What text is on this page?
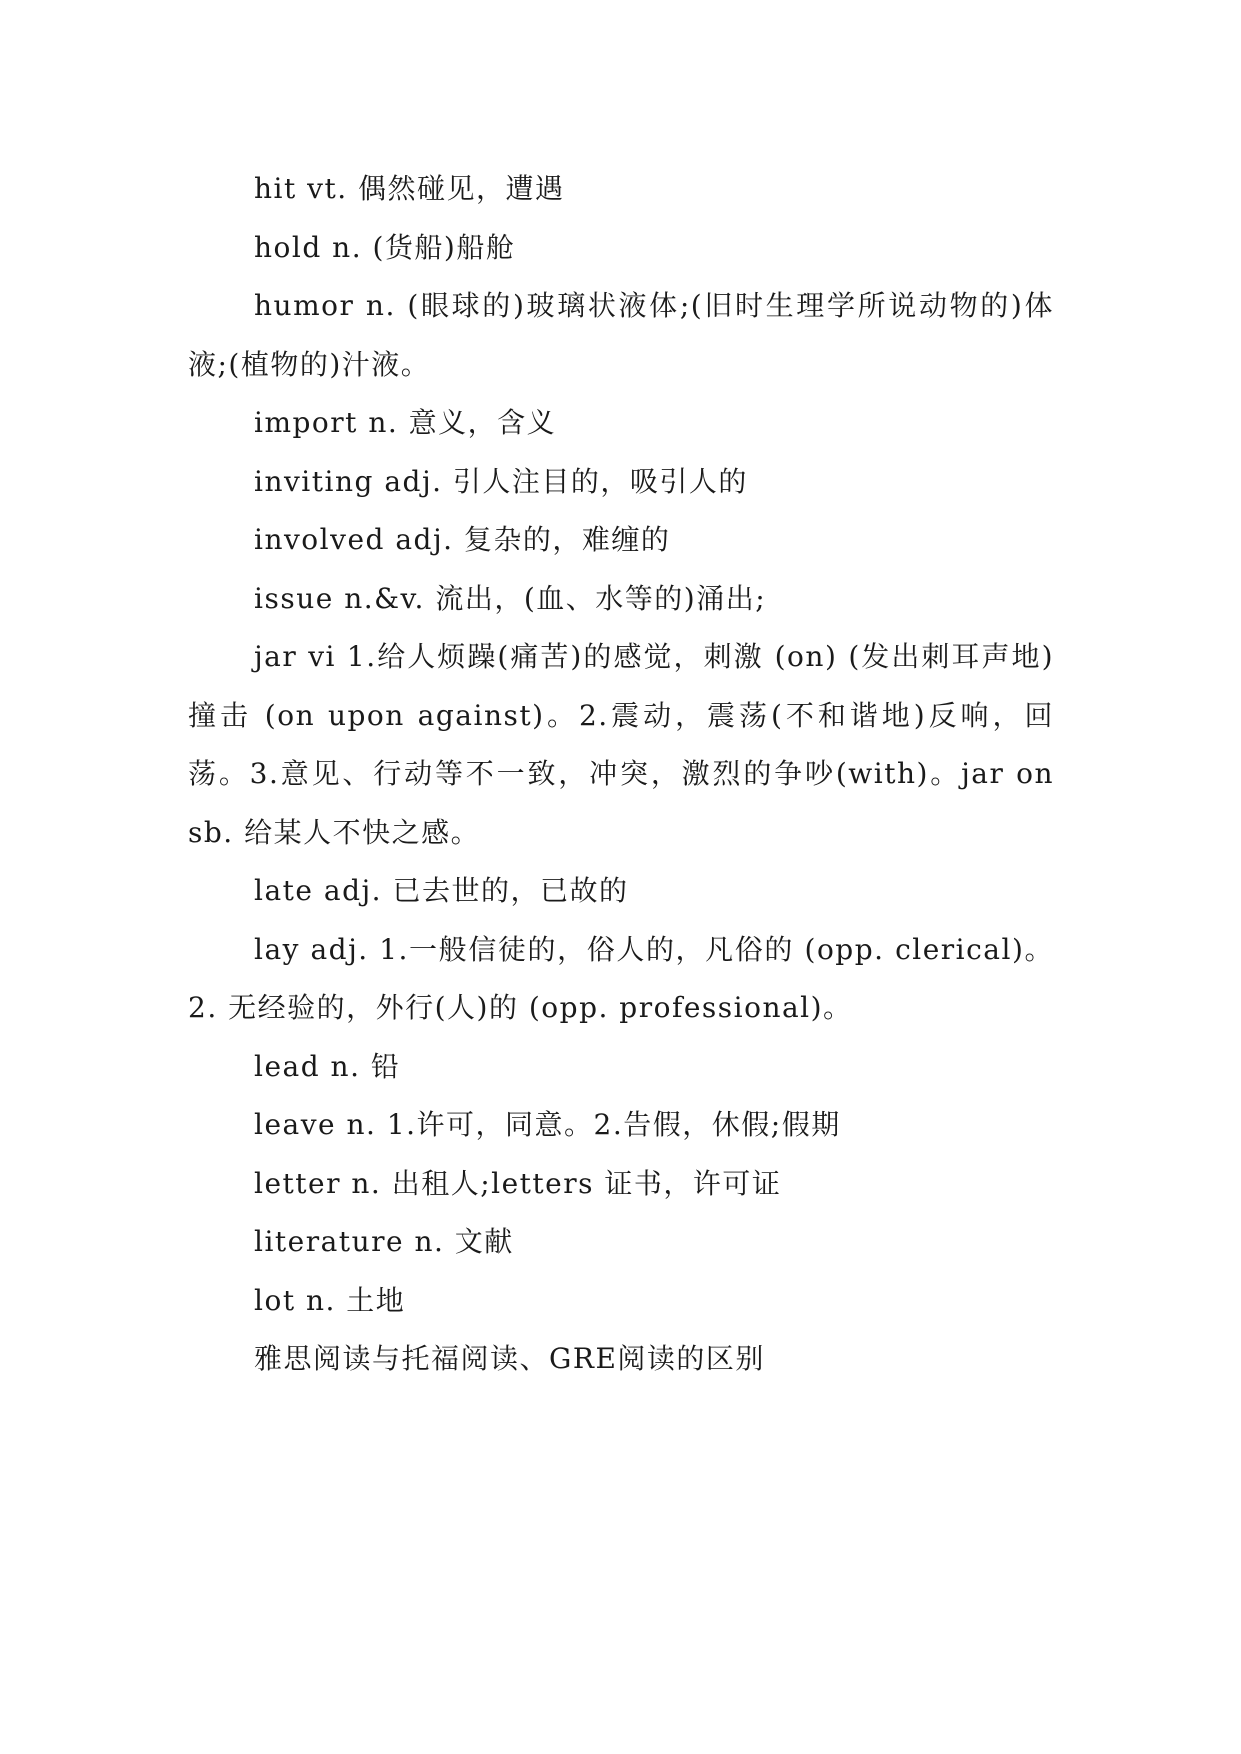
hit vt. 偶然碰见，遭遇

hold n. (货船)船舱

humor n. (眼球的)玻璃状液体;(旧时生理学所说动物的)体液;(植物的)汁液。

import n. 意义，含义

inviting adj. 引人注目的，吸引人的

involved adj. 复杂的，难缠的

issue n.&v. 流出，(血、水等的)涌出;

jar vi 1.给人烦躁(痛苦)的感觉，刺激 (on) (发出刺耳声地)撞击 (on upon against)。2.震动，震荡(不和谐地)反响，回荡。3.意见、行动等不一致，冲突，激烈的争吵(with)。jar on sb. 给某人不快之感。

late adj. 已去世的，已故的

lay adj. 1.一般信徒的，俗人的，凡俗的 (opp. clerical)。2. 无经验的，外行(人)的 (opp. professional)。

lead n. 铅

leave n. 1.许可，同意。2.告假，休假;假期

letter n. 出租人;letters 证书，许可证

literature n. 文献

lot n. 土地

雅思阅读与托福阅读、GRE阅读的区别
